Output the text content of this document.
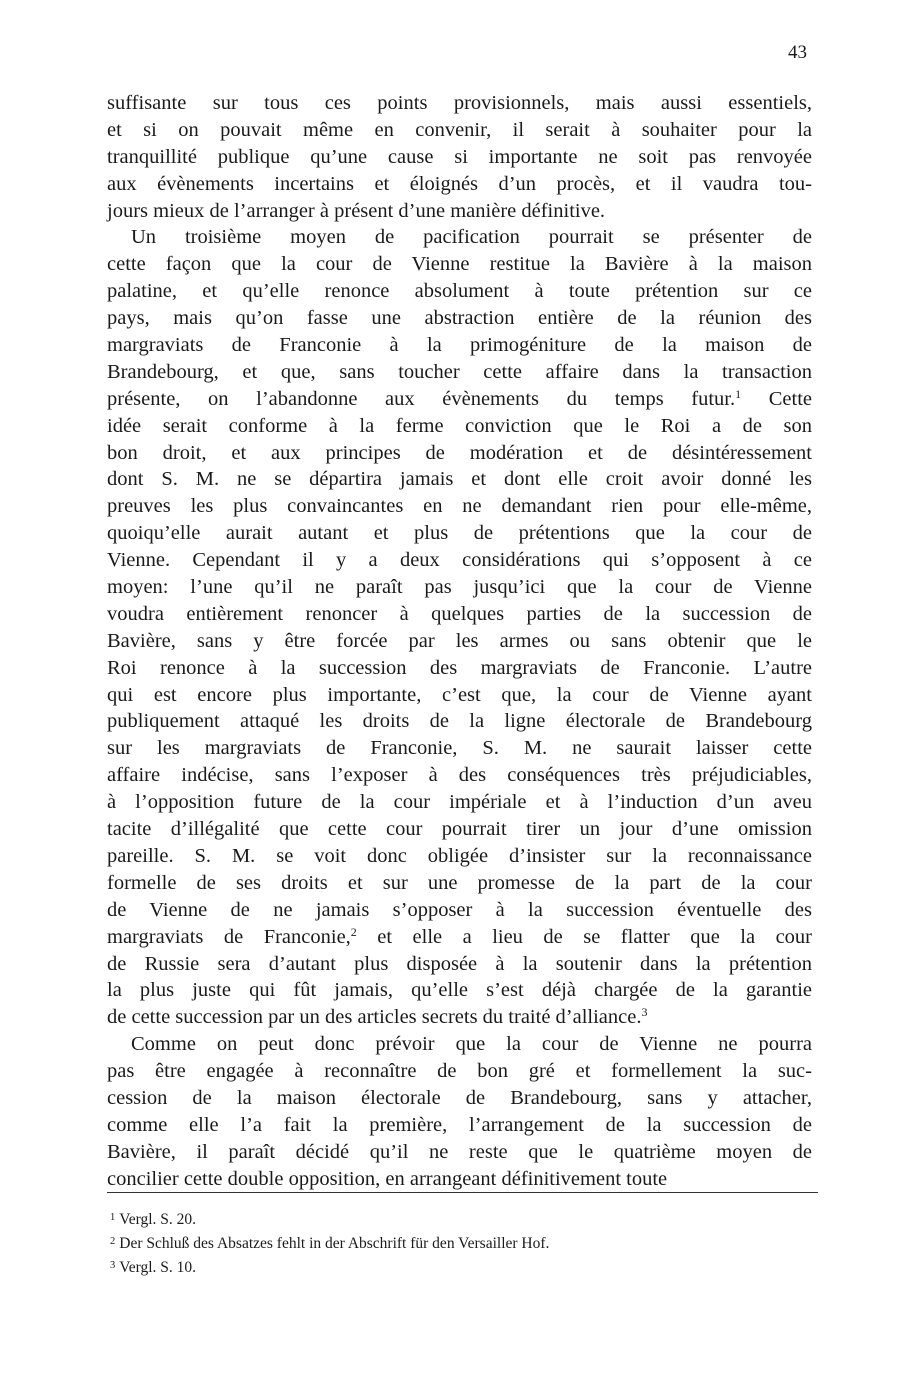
43
suffisante sur tous ces points provisionnels, mais aussi essentiels,
et si on pouvait même en convenir, il serait à souhaiter pour la
tranquillité publique qu’une cause si importante ne soit pas renvoyée
aux évènements incertains et éloignés d’un procès, et il vaudra tou-
jours mieux de l’arranger à présent d’une manière définitive.
Un troisième moyen de pacification pourrait se présenter de
cette façon que la cour de Vienne restitue la Bavière à la maison
palatine, et qu’elle renonce absolument à toute prétention sur ce
pays, mais qu’on fasse une abstraction entière de la réunion des
margraviats de Franconie à la primogéniture de la maison de
Brandebourg, et que, sans toucher cette affaire dans la transaction
présente, on l’abandonne aux évènements du temps futur.$^1$ Cette
idée serait conforme à la ferme conviction que le Roi a de son
bon droit, et aux principes de modération et de désintéressement
dont S. M. ne se départira jamais et dont elle croit avoir donné les
preuves les plus convaincantes en ne demandant rien pour elle-même,
quoiqu’elle aurait autant et plus de prétentions que la cour de
Vienne. Cependant il y a deux considérations qui s’opposent à ce
moyen: l’une qu’il ne paraît pas jusqu’ici que la cour de Vienne
voudra entièrement renoncer à quelques parties de la succession de
Bavière, sans y être forcée par les armes ou sans obtenir que le
Roi renonce à la succession des margraviats de Franconie. L’autre
qui est encore plus importante, c’est que, la cour de Vienne ayant
publiquement attaqué les droits de la ligne électorale de Brandebourg
sur les margraviats de Franconie, S. M. ne saurait laisser cette
affaire indécise, sans l’exposer à des conséquences très préjudiciables,
à l’opposition future de la cour impériale et à l’induction d’un aveu
tacite d’illégalité que cette cour pourrait tirer un jour d’une omission
pareille. S. M. se voit donc obligée d’insister sur la reconnaissance
formelle de ses droits et sur une promesse de la part de la cour
de Vienne de ne jamais s’opposer à la succession éventuelle des
margraviats de Franconie,$^2$ et elle a lieu de se flatter que la cour
de Russie sera d’autant plus disposée à la soutenir dans la prétention
la plus juste qui fût jamais, qu’elle s’est déjà chargée de la garantie
de cette succession par un des articles secrets du traité d’alliance.$^3$
Comme on peut donc prévoir que la cour de Vienne ne pourra
pas être engagée à reconnaître de bon gré et formellement la suc-
cession de la maison électorale de Brandebourg, sans y attacher,
comme elle l’a fait la première, l’arrangement de la succession de
Bavière, il paraît décidé qu’il ne reste que le quatrième moyen de
concilier cette double opposition, en arrangeant définitivement toute
$^1$ Vergl. S. 20.
$^2$ Der Schluß des Absatzes fehlt in der Abschrift für den Versailler Hof.
$^3$ Vergl. S. 10.
